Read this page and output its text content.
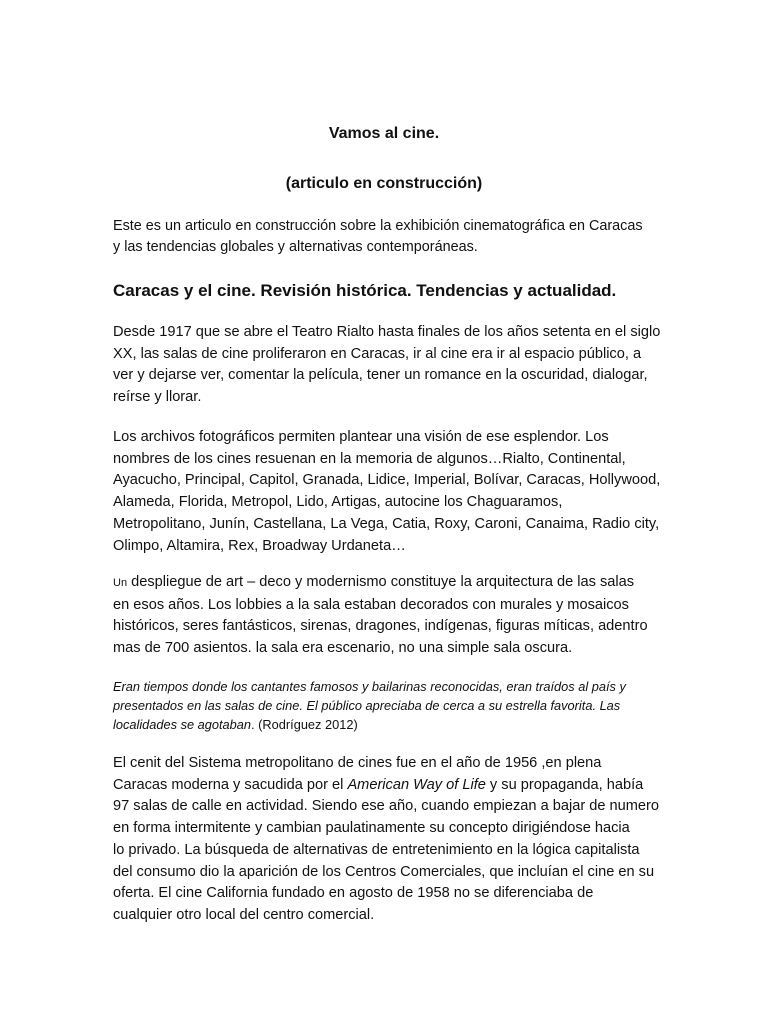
Vamos al cine.
(articulo en construcción)
Este es un articulo en construcción sobre la exhibición cinematográfica en Caracas
y las tendencias globales y alternativas contemporáneas.
Caracas y el cine. Revisión histórica. Tendencias y actualidad.
Desde 1917 que se abre el Teatro Rialto hasta finales de los años setenta en el siglo
XX, las salas de cine proliferaron en Caracas, ir al cine era ir al espacio público, a
ver y dejarse ver, comentar la película, tener un romance en la oscuridad, dialogar,
reírse y llorar.
Los archivos fotográficos permiten plantear una visión de ese esplendor. Los
nombres de los cines resuenan en la memoria de algunos…Rialto, Continental,
Ayacucho, Principal, Capitol, Granada, Lidice, Imperial, Bolívar, Caracas, Hollywood,
Alameda, Florida, Metropol, Lido, Artigas, autocine los Chaguaramos,
Metropolitano, Junín, Castellana, La Vega, Catia, Roxy, Caroni, Canaima, Radio city,
Olimpo, Altamira, Rex, Broadway Urdaneta…
Un despliegue de art – deco y modernismo constituye la arquitectura de las salas
en esos años. Los lobbies a la sala estaban decorados con murales y mosaicos
históricos, seres fantásticos, sirenas, dragones, indígenas, figuras míticas, adentro
mas de 700 asientos. la sala era escenario, no una simple sala oscura.
Eran tiempos donde los cantantes famosos y bailarinas reconocidas, eran traídos al país y
presentados en las salas de cine. El público apreciaba de cerca a su estrella favorita. Las
localidades se agotaban. (Rodríguez 2012)
El cenit del Sistema metropolitano de cines fue en el año de 1956 ,en plena
Caracas moderna y sacudida por el American Way of Life y su propaganda, había
97 salas de calle en actividad. Siendo ese año, cuando empiezan a bajar de numero
en forma intermitente y cambian paulatinamente su concepto dirigiéndose hacia
lo privado. La búsqueda de alternativas de entretenimiento en la lógica capitalista
del consumo dio la aparición de los Centros Comerciales, que incluían el cine en su
oferta. El cine California fundado en agosto de 1958 no se diferenciaba de
cualquier otro local del centro comercial.
